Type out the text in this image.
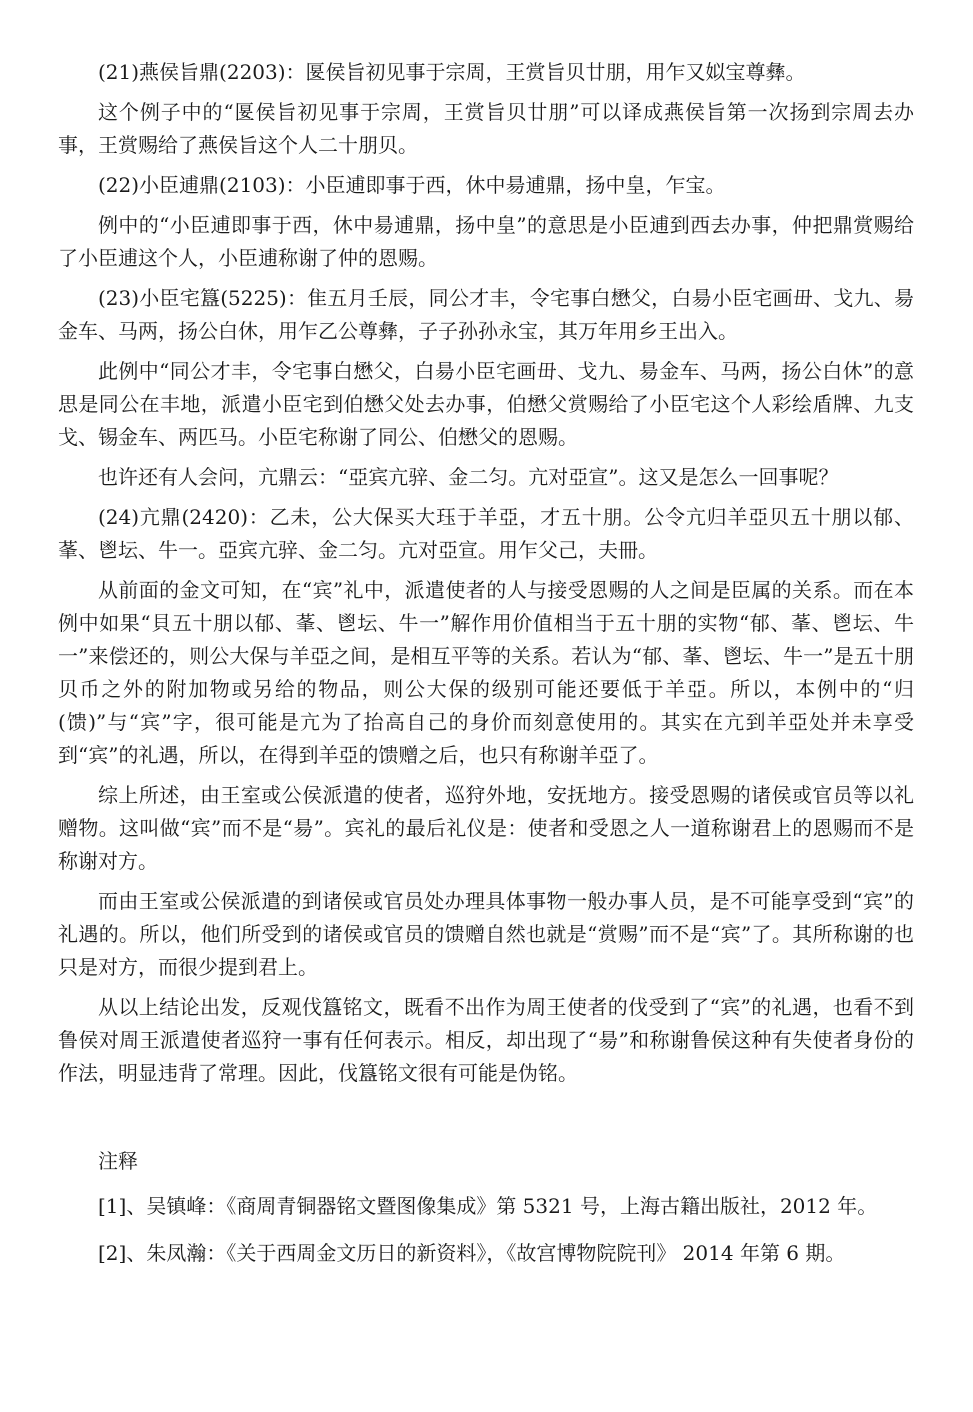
(21)燕侯旨鼎(2203)：匽侯旨初见事于宗周，王赏旨贝廿朋，用乍又姒宝尊彝。

这个例子中的“匽侯旨初见事于宗周，王赏旨贝廿朋”可以译成燕侯旨第一次扬到宗周去办事，王赏赐给了燕侯旨这个人二十朋贝。

(22)小臣逋鼎(2103)：小臣逋即事于西，休中昜逋鼎，扬中皇，乍宝。

例中的“小臣逋即事于西，休中昜逋鼎，扬中皇”的意思是小臣逋到西去办事，仲把鼎赏赐给了小臣逋这个人，小臣逋称谢了仲的恩赐。

(23)小臣宅簋(5225)：隹五月壬辰，同公才丰，令宅事白懋父，白昜小臣宅画毌、戈九、昜金车、马两，扬公白休，用乍乙公尊彝，子子孙孙永宝，其万年用乡王出入。

此例中“同公才丰，令宅事白懋父，白昜小臣宅画毌、戈九、昜金车、马两，扬公白休”的意思是同公在丰地，派遣小臣宅到伯懋父处去办事，伯懋父赏赐给了小臣宅这个人彩绘盾牌、九支戈、锡金车、两匹马。小臣宅称谢了同公、伯懋父的恩赐。

也许还有人会问，亢鼎云：“亞宾亢骍、金二匀。亢对亞宣”。这又是怎么一回事呢？

(24)亢鼎(2420)：乙未，公大保买大珏于羊亞，才五十朋。公令亢归羊亞贝五十朋以郁、莑、鬯坛、牛一。亞宾亢骍、金二匀。亢对亞宣。用乍父己，夫冊。

从前面的金文可知，在“宾”礼中，派遣使者的人与接受恩赐的人之间是臣属的关系。而在本例中如果“貝五十朋以郁、莑、鬯坛、牛一”解作用价值相当于五十朋的实物“郁、莑、鬯坛、牛一”来偿还的，则公大保与羊亞之间，是相互平等的关系。若认为“郁、莑、鬯坛、牛一”是五十朋贝币之外的附加物或另给的物品，则公大保的级别可能还要低于羊亞。所以，本例中的“归(馈)”与“宾”字，很可能是亢为了抬高自己的身价而刻意使用的。其实在亢到羊亞处并未享受到“宾”的礼遇，所以，在得到羊亞的馈赠之后，也只有称谢羊亞了。

综上所述，由王室或公侯派遣的使者，巡狩外地，安抚地方。接受恩赐的诸侯或官员等以礼赠物。这叫做“宾”而不是“昜”。宾礼的最后礼仪是：使者和受恩之人一道称谢君上的恩赐而不是称谢对方。

而由王室或公侯派遣的到诸侯或官员处办理具体事物一般办事人员，是不可能享受到“宾”的礼遇的。所以，他们所受到的诸侯或官员的馈赠自然也就是“赏赐”而不是“宾”了。其所称谢的也只是对方，而很少提到君上。

从以上结论出发，反观伐簋铭文，既看不出作为周王使者的伐受到了“宾”的礼遇，也看不到鲁侯对周王派遣使者巡狩一事有任何表示。相反，却出现了“昜”和称谢鲁侯这种有失使者身份的作法，明显违背了常理。因此，伐簋铭文很有可能是伪铭。

注释

[1]、吴镇峰：《商周青铜器铭文暨图像集成》第 5321 号，上海古籍出版社，2012 年。

[2]、朱凤瀚：《关于西周金文历日的新资料》，《故宫博物院院刊》 2014 年第 6 期。
